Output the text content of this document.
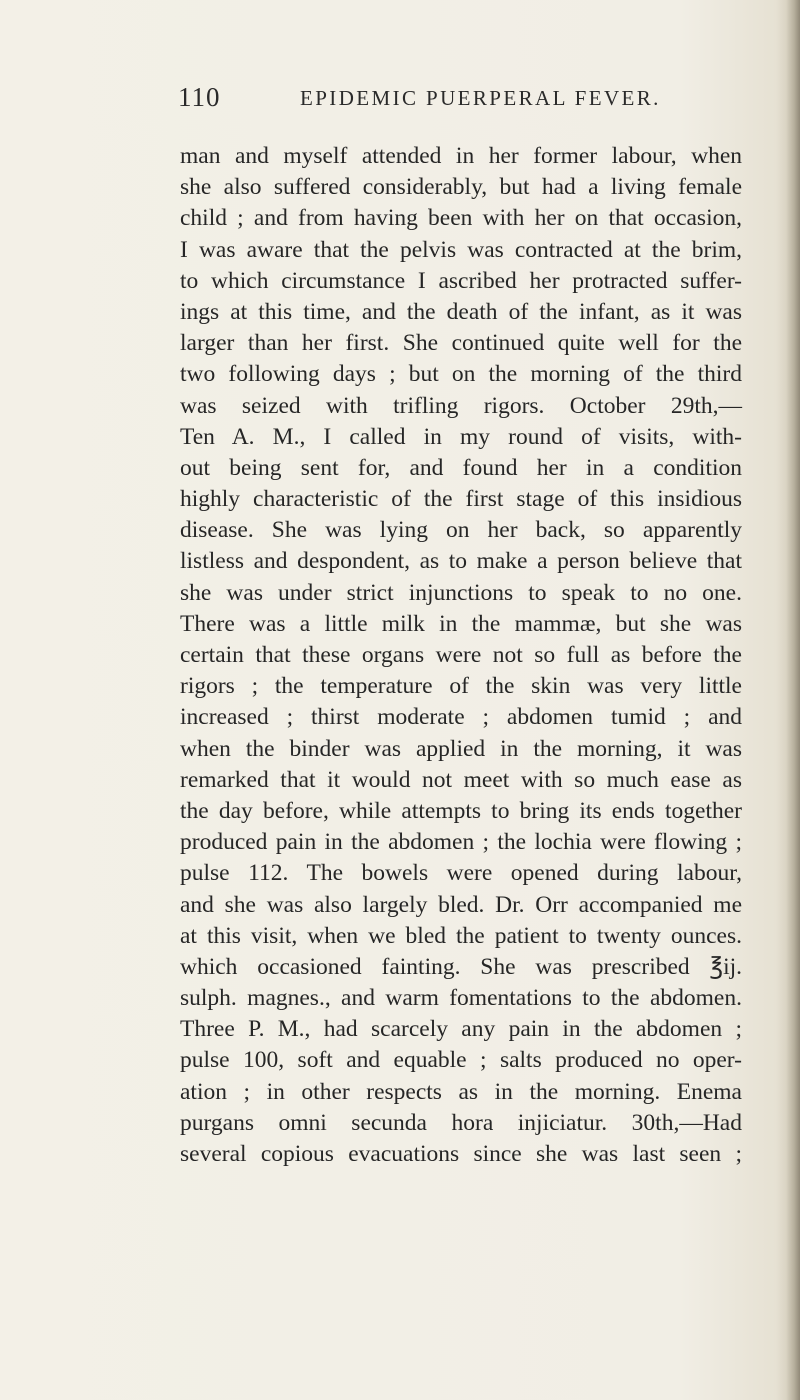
110	EPIDEMIC PUERPERAL FEVER.
man and myself attended in her former labour, when
she also suffered considerably, but had a living female
child ; and from having been with her on that occasion,
I was aware that the pelvis was contracted at the brim,
to which circumstance I ascribed her protracted suffer-
ings at this time, and the death of the infant, as it was
larger than her first. She continued quite well for the
two following days ; but on the morning of the third
was seized with trifling rigors. October 29th,—
Ten A. M., I called in my round of visits, with-
out being sent for, and found her in a condition
highly characteristic of the first stage of this insidious
disease. She was lying on her back, so apparently
listless and despondent, as to make a person believe that
she was under strict injunctions to speak to no one.
There was a little milk in the mammæ, but she was
certain that these organs were not so full as before the
rigors ; the temperature of the skin was very little
increased ; thirst moderate ; abdomen tumid ; and
when the binder was applied in the morning, it was
remarked that it would not meet with so much ease as
the day before, while attempts to bring its ends together
produced pain in the abdomen ; the lochia were flowing ;
pulse 112. The bowels were opened during labour,
and she was also largely bled. Dr. Orr accompanied me
at this visit, when we bled the patient to twenty ounces.
which occasioned fainting. She was prescribed ℥ij.
sulph. magnes., and warm fomentations to the abdomen.
Three P. M., had scarcely any pain in the abdomen ;
pulse 100, soft and equable ; salts produced no oper-
ation ; in other respects as in the morning. Enema
purgans omni secunda hora injiciatur. 30th,—Had
several copious evacuations since she was last seen ;
